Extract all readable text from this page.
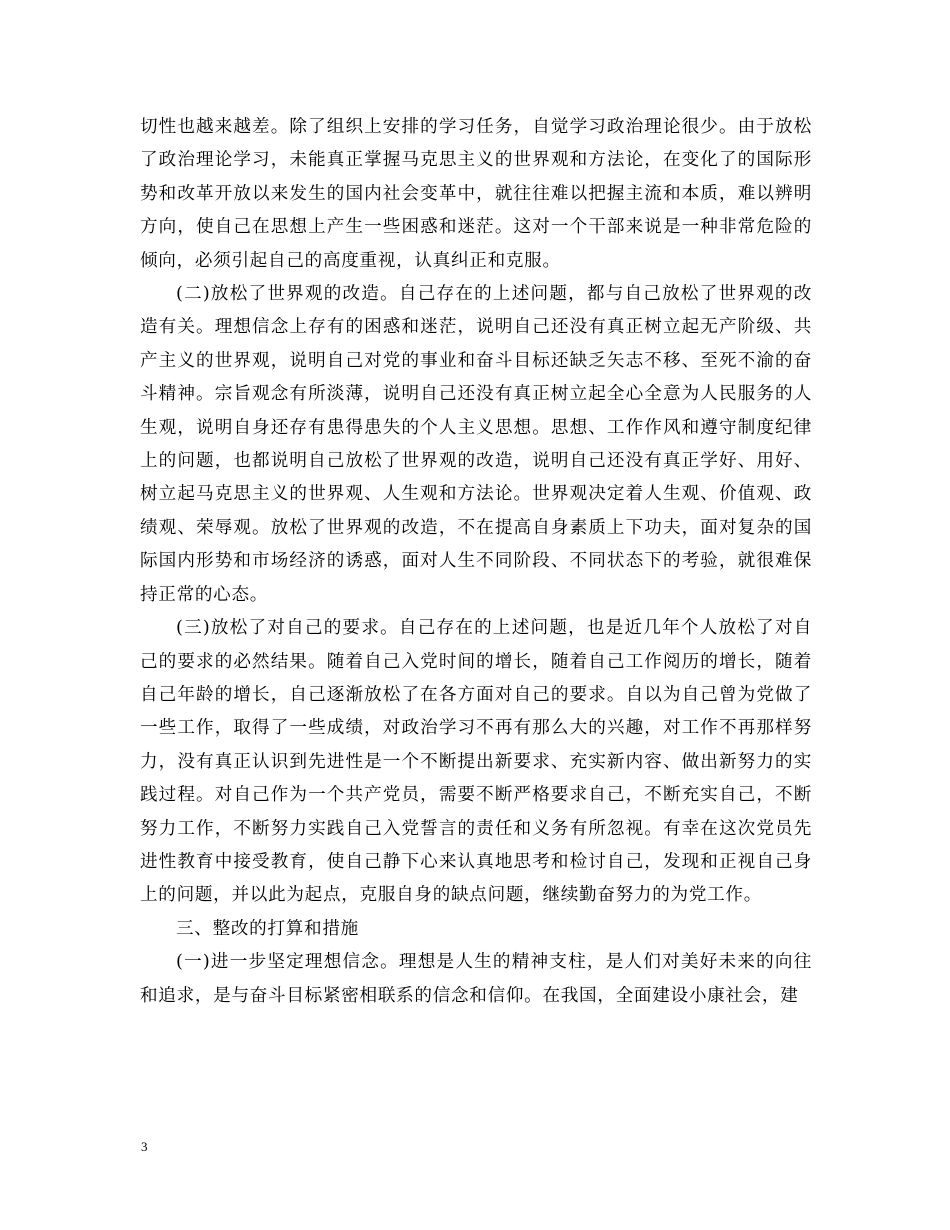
切性也越来越差。除了组织上安排的学习任务，自觉学习政治理论很少。由于放松了政治理论学习，未能真正掌握马克思主义的世界观和方法论，在变化了的国际形势和改革开放以来发生的国内社会变革中，就往往难以把握主流和本质，难以辨明方向，使自己在思想上产生一些困惑和迷茫。这对一个干部来说是一种非常危险的倾向，必须引起自己的高度重视，认真纠正和克服。

(二)放松了世界观的改造。自己存在的上述问题，都与自己放松了世界观的改造有关。理想信念上存有的困惑和迷茫，说明自己还没有真正树立起无产阶级、共产主义的世界观，说明自己对党的事业和奋斗目标还缺乏矢志不移、至死不渝的奋斗精神。宗旨观念有所淡薄，说明自己还没有真正树立起全心全意为人民服务的人生观，说明自身还存有患得患失的个人主义思想。思想、工作作风和遵守制度纪律上的问题，也都说明自己放松了世界观的改造，说明自己还没有真正学好、用好、树立起马克思主义的世界观、人生观和方法论。世界观决定着人生观、价值观、政绩观、荣辱观。放松了世界观的改造，不在提高自身素质上下功夫，面对复杂的国际国内形势和市场经济的诱惑，面对人生不同阶段、不同状态下的考验，就很难保持正常的心态。

(三)放松了对自己的要求。自己存在的上述问题，也是近几年个人放松了对自己的要求的必然结果。随着自己入党时间的增长，随着自己工作阅历的增长，随着自己年龄的增长，自己逐渐放松了在各方面对自己的要求。自以为自己曾为党做了一些工作，取得了一些成绩，对政治学习不再有那么大的兴趣，对工作不再那样努力，没有真正认识到先进性是一个不断提出新要求、充实新内容、做出新努力的实践过程。对自己作为一个共产党员，需要不断严格要求自己，不断充实自己，不断努力工作，不断努力实践自己入党誓言的责任和义务有所忽视。有幸在这次党员先进性教育中接受教育，使自己静下心来认真地思考和检讨自己，发现和正视自己身上的问题，并以此为起点，克服自身的缺点问题，继续勤奋努力的为党工作。

三、整改的打算和措施

(一)进一步坚定理想信念。理想是人生的精神支柱，是人们对美好未来的向往和追求，是与奋斗目标紧密相联系的信念和信仰。在我国，全面建设小康社会，建

3
